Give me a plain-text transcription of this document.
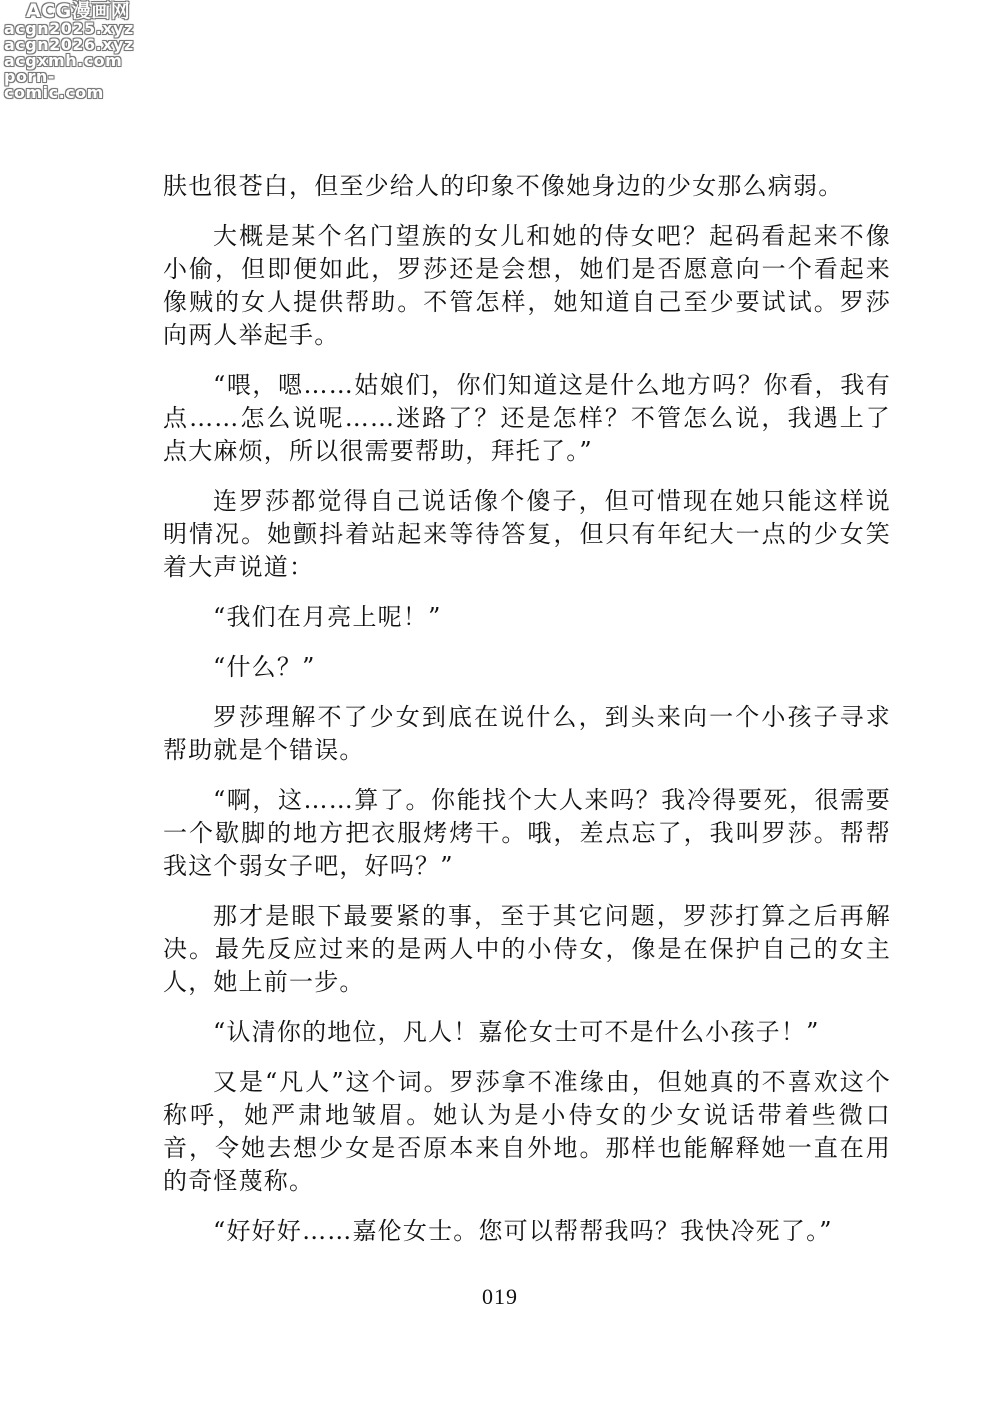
ACG漫画网
acgn2025.xyz
acgn2026.xyz
acgxmh.com
porn-comic.com

肤也很苍白，但至少给人的印象不像她身边的少女那么病弱。

大概是某个名门望族的女儿和她的侍女吧？起码看起来不像小偷，但即便如此，罗莎还是会想，她们是否愿意向一个看起来像贼的女人提供帮助。不管怎样，她知道自己至少要试试。罗莎向两人举起手。

“喂，嗯……姑娘们，你们知道这是什么地方吗？你看，我有点……怎么说呢……迷路了？还是怎样？不管怎么说，我遇上了点大麻烦，所以很需要帮助，拜托了。”

连罗莎都觉得自己说话像个傻子，但可惜现在她只能这样说明情况。她颤抖着站起来等待答复，但只有年纪大一点的少女笑着大声说道：

“我们在月亮上呢！”

“什么？”

罗莎理解不了少女到底在说什么，到头来向一个小孩子寻求帮助就是个错误。

“啊，这……算了。你能找个大人来吗？我冷得要死，很需要一个歇脚的地方把衣服烤烤干。哦，差点忘了，我叫罗莎。帮帮我这个弱女子吧，好吗？”

那才是眼下最要紧的事，至于其它问题，罗莎打算之后再解决。最先反应过来的是两人中的小侍女，像是在保护自己的女主人，她上前一步。

“认清你的地位，凡人！嘉伦女士可不是什么小孩子！”

又是“凡人”这个词。罗莎拿不准缘由，但她真的不喜欢这个称呼，她严肃地皱眉。她认为是小侍女的少女说话带着些微口音，令她去想少女是否原本来自外地。那样也能解释她一直在用的奇怪蔑称。

“好好好……嘉伦女士。您可以帮帮我吗？我快冷死了。”

019
